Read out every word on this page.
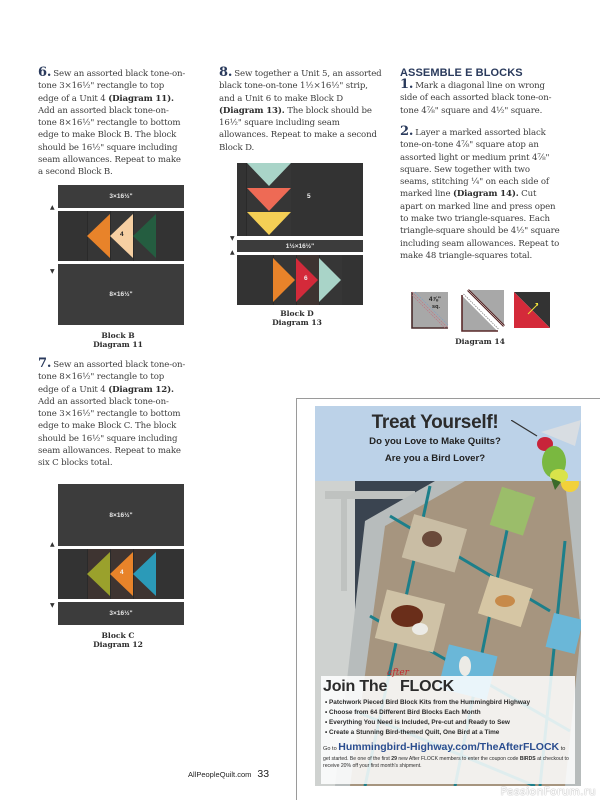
6. Sew an assorted black tone-on-tone 3×16½" rectangle to top edge of a Unit 4 (Diagram 11). Add an assorted black tone-on-tone 8×16½" rectangle to bottom edge to make Block B. The block should be 16½" square including seam allowances. Repeat to make a second Block B.
▲
▼
3×16½"
4
8×16½"
Block B
Diagram 11
7. Sew an assorted black tone-on-tone 8×16½" rectangle to top edge of a Unit 4 (Diagram 12). Add an assorted black tone-on-tone 3×16½" rectangle to bottom edge to make Block C. The block should be 16½" square including seam allowances. Repeat to make six C blocks total.
▲
▼
8×16½"
4
3×16½"
Block C
Diagram 12
8. Sew together a Unit 5, an assorted black tone-on-tone 1½×16½" strip, and a Unit 6 to make Block D (Diagram 13). The block should be 16½" square including seam allowances. Repeat to make a second Block D.
5
▼
▲
1½×16½"
6
Block D
Diagram 13
ASSEMBLE E BLOCKS
1. Mark a diagonal line on wrong side of each assorted black tone-on-tone 4⅞" square and 4½" square.
2. Layer a marked assorted black tone-on-tone 4⅞" square atop an assorted light or medium print 4⅞" square. Sew together with two seams, stitching ¼" on each side of marked line (Diagram 14). Cut apart on marked line and press open to make two triangle-squares. Each triangle-square should be 4½" square including seam allowances. Repeat to make 48 triangle-squares total.
4⅞"
sq.
Diagram 14
Treat Yourself!
Do you Love to Make Quilts?
Are you a Bird Lover?
after
Join The FLOCK
• Patchwork Pieced Bird Block Kits from the Hummingbird Highway
• Choose from 64 Different Bird Blocks Each Month
• Everything You Need is Included, Pre-cut and Ready to Sew
• Create a Stunning Bird-themed Quilt, One Bird at a Time
Go to Hummingbird-Highway.com/TheAfterFLOCK to
get started. Be one of the first 29 new After FLOCK members to enter the coupon code BIRDS at checkout to receive 20% off your first month's shipment.
AllPeopleQuilt.com 33
PassionForum.ru
